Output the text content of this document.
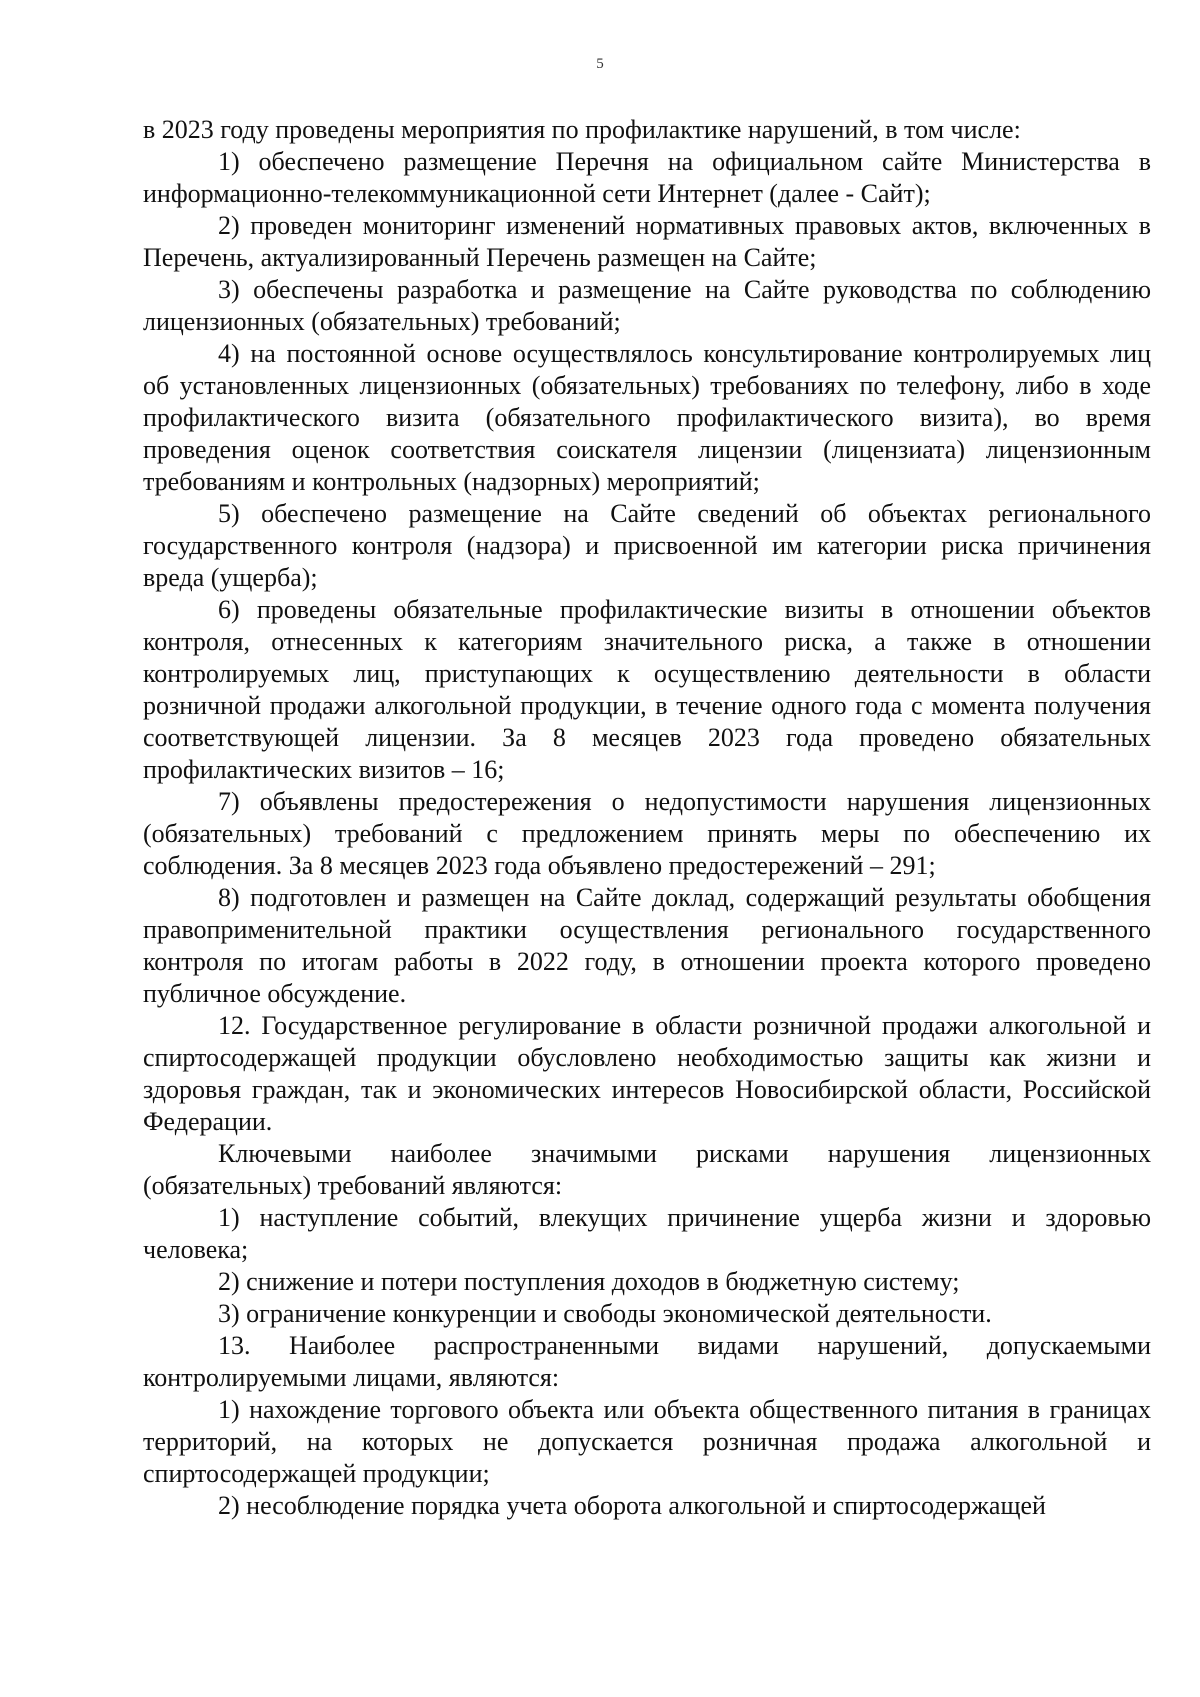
5

в 2023 году проведены мероприятия по профилактике нарушений, в том числе:

1) обеспечено размещение Перечня на официальном сайте Министерства в информационно-телекоммуникационной сети Интернет (далее - Сайт);

2) проведен мониторинг изменений нормативных правовых актов, включенных в Перечень, актуализированный Перечень размещен на Сайте;

3) обеспечены разработка и размещение на Сайте руководства по соблюдению лицензионных (обязательных) требований;

4) на постоянной основе осуществлялось консультирование контролируемых лиц об установленных лицензионных (обязательных) требованиях по телефону, либо в ходе профилактического визита (обязательного профилактического визита), во время проведения оценок соответствия соискателя лицензии (лицензиата) лицензионным требованиям и контрольных (надзорных) мероприятий;

5) обеспечено размещение на Сайте сведений об объектах регионального государственного контроля (надзора) и присвоенной им категории риска причинения вреда (ущерба);

6) проведены обязательные профилактические визиты в отношении объектов контроля, отнесенных к категориям значительного риска, а также в отношении контролируемых лиц, приступающих к осуществлению деятельности в области розничной продажи алкогольной продукции, в течение одного года с момента получения соответствующей лицензии. За 8 месяцев 2023 года проведено обязательных профилактических визитов – 16;

7) объявлены предостережения о недопустимости нарушения лицензионных (обязательных) требований с предложением принять меры по обеспечению их соблюдения. За 8 месяцев 2023 года объявлено предостережений – 291;

8) подготовлен и размещен на Сайте доклад, содержащий результаты обобщения правоприменительной практики осуществления регионального государственного контроля по итогам работы в 2022 году, в отношении проекта которого проведено публичное обсуждение.

12. Государственное регулирование в области розничной продажи алкогольной и спиртосодержащей продукции обусловлено необходимостью защиты как жизни и здоровья граждан, так и экономических интересов Новосибирской области, Российской Федерации.

Ключевыми наиболее значимыми рисками нарушения лицензионных (обязательных) требований являются:

1) наступление событий, влекущих причинение ущерба жизни и здоровью человека;

2) снижение и потери поступления доходов в бюджетную систему;

3) ограничение конкуренции и свободы экономической деятельности.

13. Наиболее распространенными видами нарушений, допускаемыми контролируемыми лицами, являются:

1) нахождение торгового объекта или объекта общественного питания в границах территорий, на которых не допускается розничная продажа алкогольной и спиртосодержащей продукции;

2) несоблюдение порядка учета оборота алкогольной и спиртосодержащей
